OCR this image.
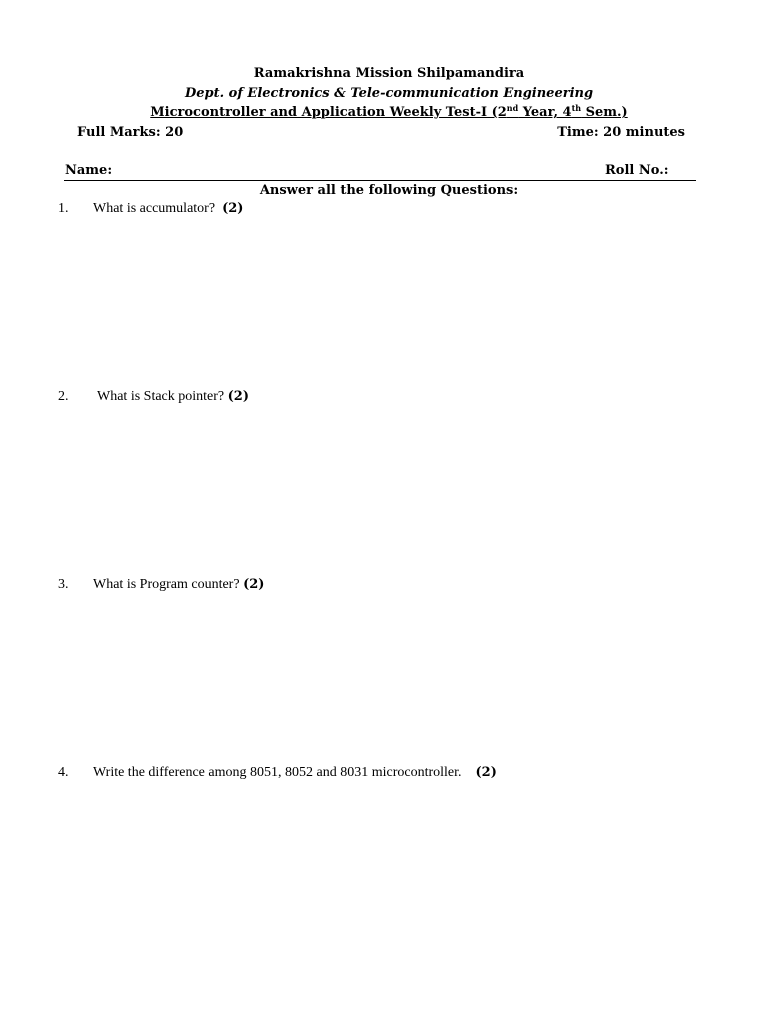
Ramakrishna Mission Shilpamandira
Dept. of Electronics & Tele-communication Engineering
Microcontroller and Application Weekly Test-I (2nd Year, 4th Sem.)
Full Marks: 20	Time: 20 minutes
Name:	Roll No.:
Answer all the following Questions:
1. What is accumulator? (2)
2. What is Stack pointer? (2)
3. What is Program counter? (2)
4. Write the difference among 8051, 8052 and 8031 microcontroller. (2)
